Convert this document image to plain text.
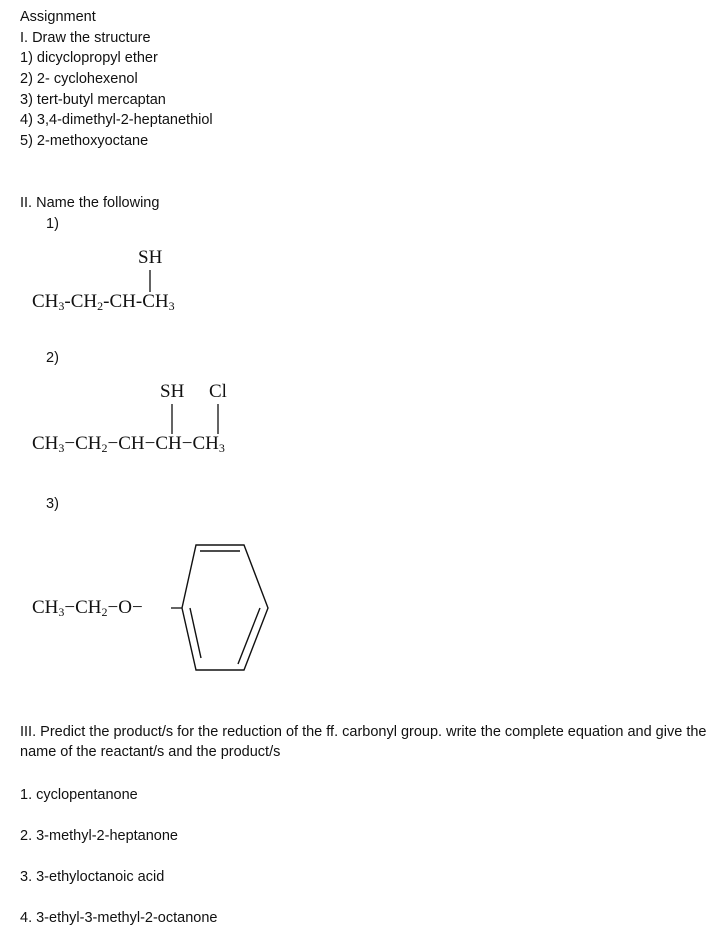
Assignment
I. Draw the structure
1) dicyclopropyl ether
2) 2- cyclohexenol
3) tert-butyl mercaptan
4) 3,4-dimethyl-2-heptanethiol
5) 2-methoxyoctane
II. Name the following
1)
SH
$CH_3-CH_2-CH-CH_3$
2)
SH Cl
$CH_3-CH_2-CH-CH-CH_3$
3)
$CH_3-CH_2-O-$
III. Predict the product/s for the reduction of the ff. carbonyl group. write the complete equation and give the name of the reactant/s and the product/s
1. cyclopentanone
2. 3-methyl-2-heptanone
3. 3-ethyloctanoic acid
4. 3-ethyl-3-methyl-2-octanone
